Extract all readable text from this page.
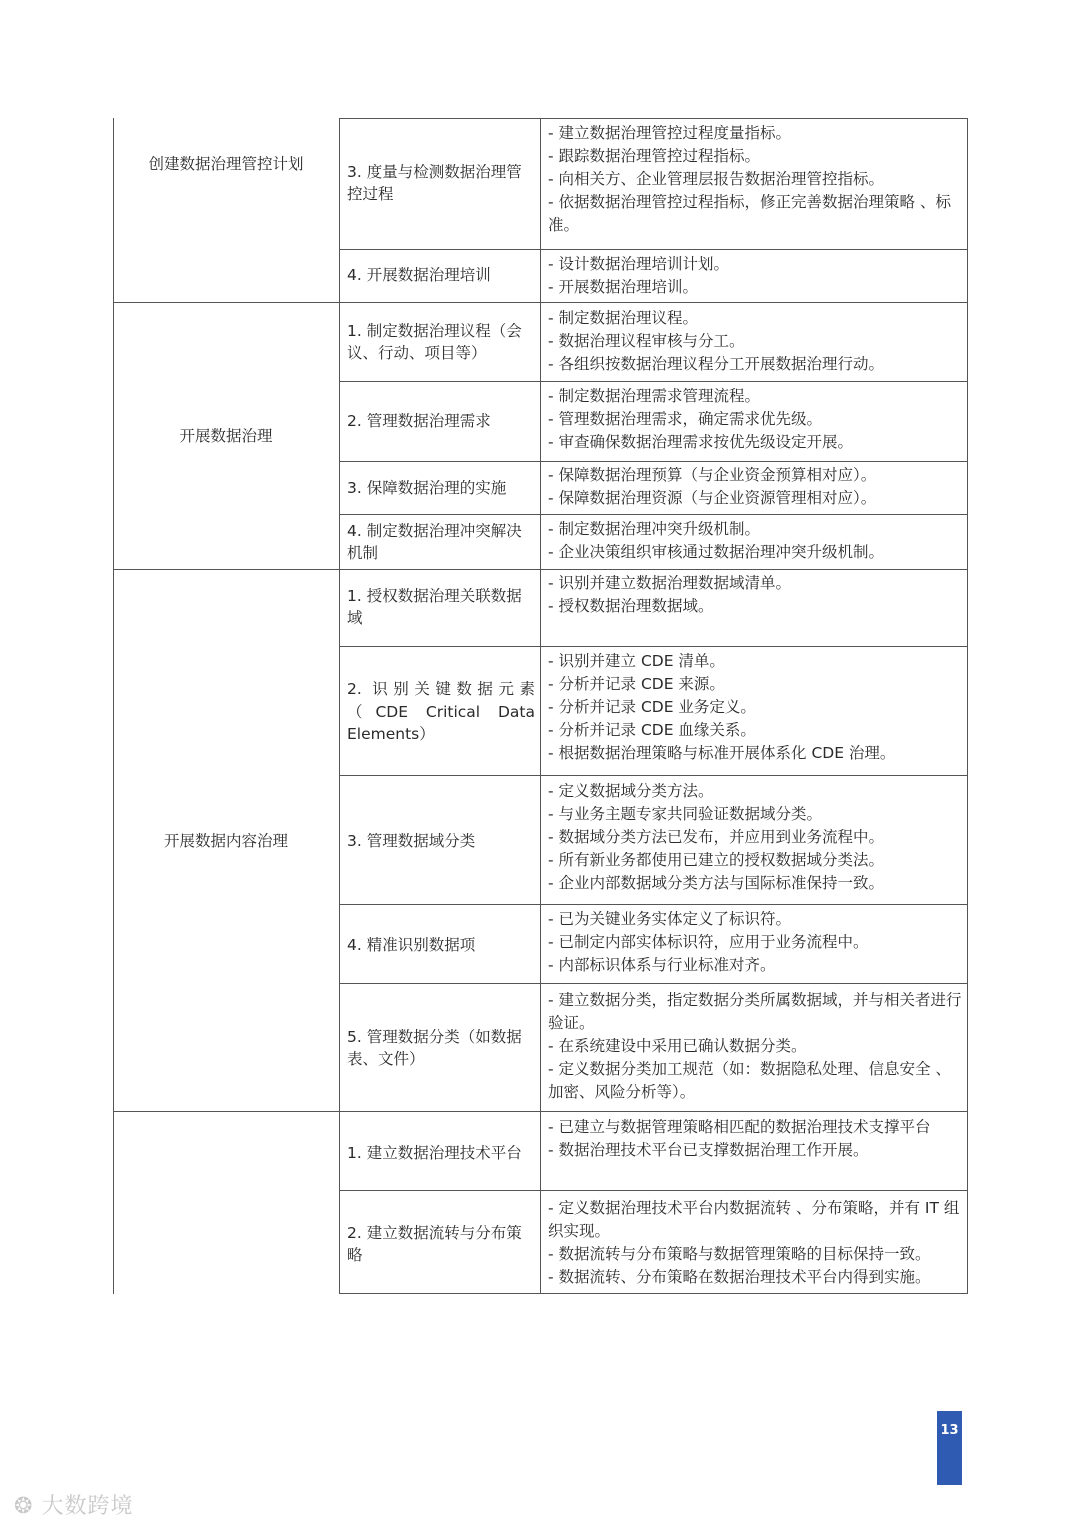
创建数据治理管控计划
开展数据治理
开展数据内容治理
3. 度量与检测数据治理管 控过程
4. 开展数据治理培训
1. 制定数据治理议程（会 议、行动、项目等）
2. 管理数据治理需求
3. 保障数据治理的实施
4. 制定数据治理冲突解决 机制
1. 授权数据治理关联数据域
2. 识别关键数据元素（CDE Critical Data Elements）
3. 管理数据域分类
4. 精准识别数据项
5. 管理数据分类（如数据 表、文件）
1. 建立数据治理技术平台
2. 建立数据流转与分布策 略
- 建立数据治理管控过程度量指标。
- 跟踪数据治理管控过程指标。
- 向相关方、企业管理层报告数据治理管控指标。
- 依据数据治理管控过程指标，修正完善数据治理策略 、标准。
- 设计数据治理培训计划。
- 开展数据治理培训。
- 制定数据治理议程。
- 数据治理议程审核与分工。
- 各组织按数据治理议程分工开展数据治理行动。
- 制定数据治理需求管理流程。
- 管理数据治理需求，确定需求优先级。
- 审查确保数据治理需求按优先级设定开展。
- 保障数据治理预算（与企业资金预算相对应）。
- 保障数据治理资源（与企业资源管理相对应）。
- 制定数据治理冲突升级机制。
- 企业决策组织审核通过数据治理冲突升级机制。
- 识别并建立数据治理数据域清单。
- 授权数据治理数据域。
- 识别并建立 CDE 清单。
- 分析并记录 CDE 来源。
- 分析并记录 CDE 业务定义。
- 分析并记录 CDE 血缘关系。
- 根据数据治理策略与标准开展体系化 CDE 治理。
- 定义数据域分类方法。
- 与业务主题专家共同验证数据域分类。
- 数据域分类方法已发布，并应用到业务流程中。
- 所有新业务都使用已建立的授权数据域分类法。
- 企业内部数据域分类方法与国际标准保持一致。
- 已为关键业务实体定义了标识符。
- 已制定内部实体标识符，应用于业务流程中。
- 内部标识体系与行业标准对齐。
- 建立数据分类，指定数据分类所属数据域，并与相关者进行验证。
- 在系统建设中采用已确认数据分类。
- 定义数据分类加工规范（如：数据隐私处理、信息安全 、加密、风险分析等）。
- 已建立与数据管理策略相匹配的数据治理技术支撑平台
- 数据治理技术平台已支撑数据治理工作开展。
- 定义数据治理技术平台内数据流转 、分布策略，并有 IT 组织实现。
- 数据流转与分布策略与数据管理策略的目标保持一致。
- 数据流转、分布策略在数据治理技术平台内得到实施。
13
❂ 大数跨境
